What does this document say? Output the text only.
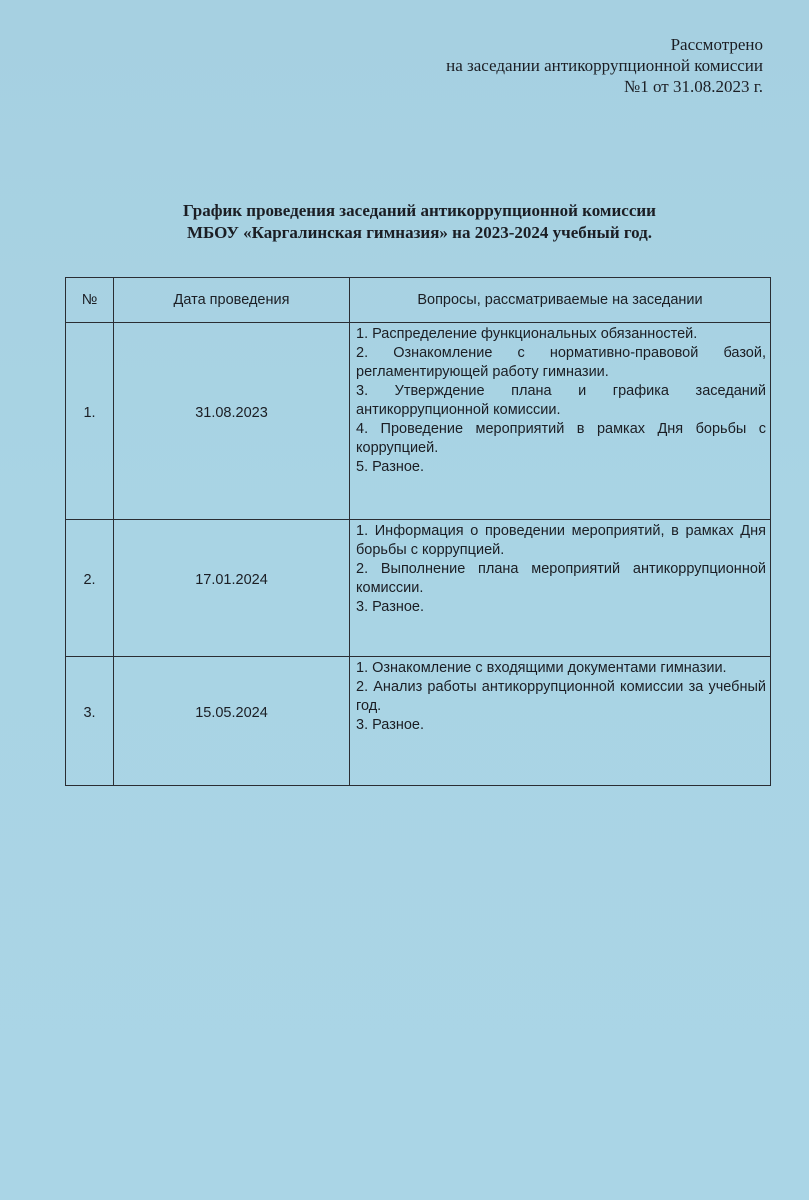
Рассмотрено
на заседании антикоррупционной комиссии
№1 от 31.08.2023 г.
График проведения заседаний антикоррупционной комиссии
МБОУ «Каргалинская гимназия» на 2023-2024 учебный год.
№	Дата проведения	Вопросы, рассматриваемые на заседании

1.	31.08.2023	1. Распределение функциональных обязанностей.
2. Ознакомление с нормативно-правовой базой, регламентирующей работу гимназии.
3. Утверждение плана и графика заседаний антикоррупционной комиссии.
4. Проведение мероприятий в рамках Дня борьбы с коррупцией.
5. Разное.

2.	17.01.2024	1. Информация о проведении мероприятий, в рамках Дня борьбы с коррупцией.
2. Выполнение плана мероприятий антикоррупционной комиссии.
3. Разное.

3.	15.05.2024	1. Ознакомление с входящими документами гимназии.
2. Анализ работы антикоррупционной комиссии за учебный год.
3. Разное.
